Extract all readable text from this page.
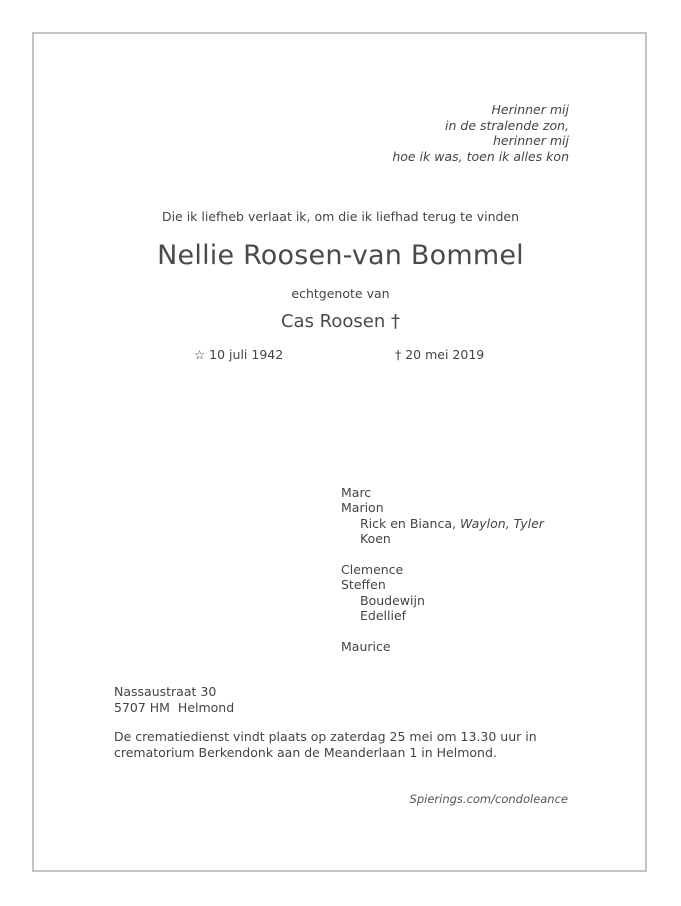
Herinner mij
in de stralende zon,
herinner mij
hoe ik was, toen ik alles kon
Die ik liefheb verlaat ik, om die ik liefhad terug te vinden
Nellie Roosen-van Bommel
echtgenote van
Cas Roosen †
☆ 10 juli 1942	† 20 mei 2019
Marc
Marion
Rick en Bianca, Waylon, Tyler
Koen
Clemence
Steffen
Boudewijn
Edellief
Maurice
Nassaustraat 30
5707 HM  Helmond
De crematiedienst vindt plaats op zaterdag 25 mei om 13.30 uur in
crematorium Berkendonk aan de Meanderlaan 1 in Helmond.
Spierings.com/condoleance
